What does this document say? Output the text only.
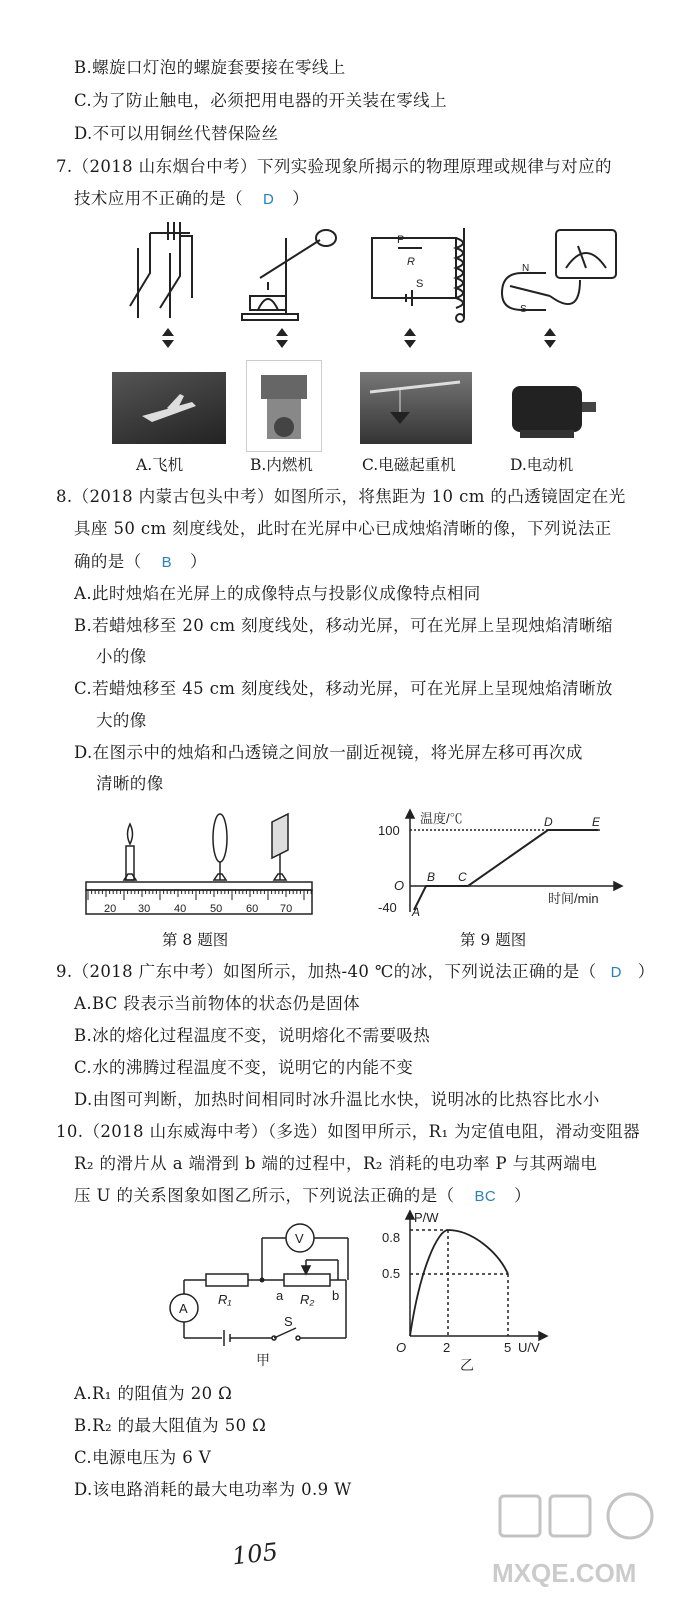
B.螺旋口灯泡的螺旋套要接在零线上
C.为了防止触电，必须把用电器的开关装在零线上
D.不可以用铜丝代替保险丝
7.（2018 山东烟台中考）下列实验现象所揭示的物理原理或规律与对应的
技术应用不正确的是（ D ）
P
R
S
N
S
A.飞机	B.内燃机	C.电磁起重机	D.电动机
8.（2018 内蒙古包头中考）如图所示，将焦距为 10 cm 的凸透镜固定在光
具座 50 cm 刻度线处，此时在光屏中心已成烛焰清晰的像，下列说法正
确的是（ B ）
A.此时烛焰在光屏上的成像特点与投影仪成像特点相同
B.若蜡烛移至 20 cm 刻度线处，移动光屏，可在光屏上呈现烛焰清晰缩
小的像
C.若蜡烛移至 45 cm 刻度线处，移动光屏，可在光屏上呈现烛焰清晰放
大的像
D.在图示中的烛焰和凸透镜之间放一副近视镜，将光屏左移可再次成
清晰的像
20 30 40 50 60 70
第 8 题图
温度/℃
时间/min
100
O
-40 A
B C
D	E
第 9 题图
9.（2018 广东中考）如图所示，加热-40 ℃的冰，下列说法正确的是（ D ）
A.BC 段表示当前物体的状态仍是固体
B.冰的熔化过程温度不变，说明熔化不需要吸热
C.水的沸腾过程温度不变，说明它的内能不变
D.由图可判断，加热时间相同时冰升温比水快，说明冰的比热容比水小
10.（2018 山东威海中考）（多选）如图甲所示，R₁ 为定值电阻，滑动变阻器
R₂ 的滑片从 a 端滑到 b 端的过程中，R₂ 消耗的电功率 P 与其两端电
压 U 的关系图象如图乙所示，下列说法正确的是（ BC ）
V
A
R₁	R₂
a	b
S
甲
P/W
U/V
0.8
0.5
O	2	5
乙
A.R₁ 的阻值为 20 Ω
B.R₂ 的最大阻值为 50 Ω
C.电源电压为 6 V
D.该电路消耗的最大电功率为 0.9 W
105
MXQE.COM
